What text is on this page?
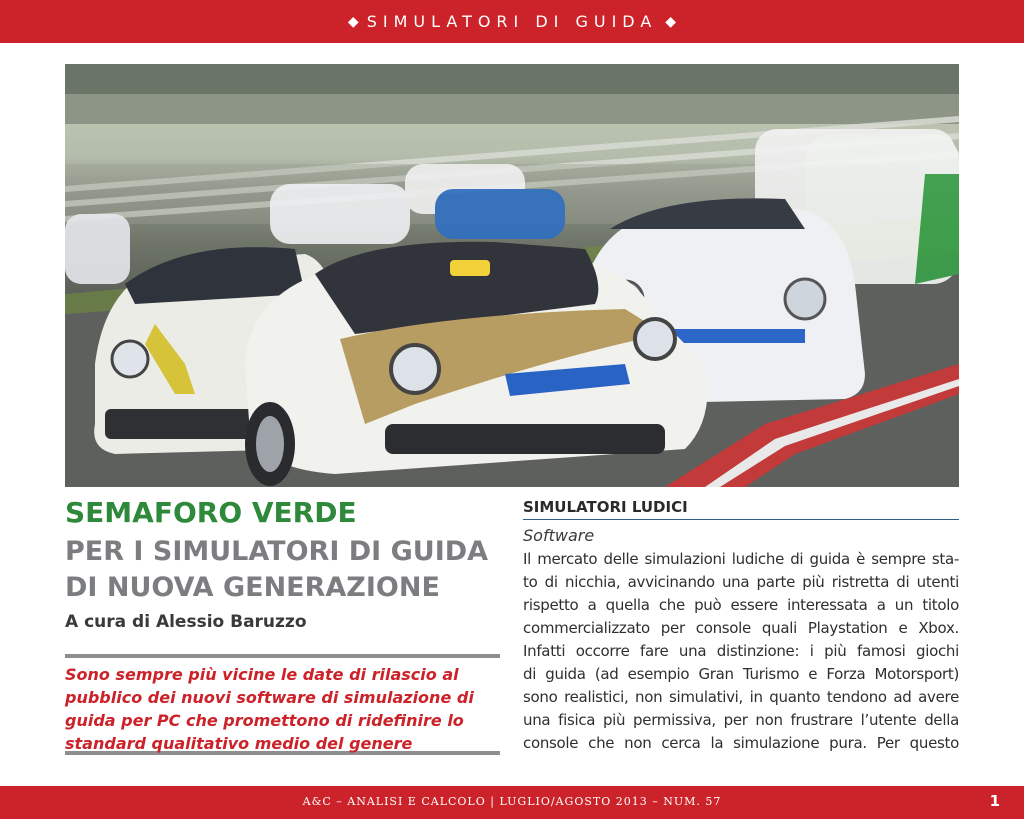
◆ SIMULATORI DI GUIDA ◆
SEMAFORO VERDE
PER I SIMULATORI DI GUIDA
DI NUOVA GENERAZIONE
A cura di Alessio Baruzzo
Sono sempre più vicine le date di rilascio al pubblico dei nuovi software di simulazione di guida per PC che promettono di ridefinire lo standard qualitativo medio del genere
SIMULATORI LUDICI
Software
Il mercato delle simulazioni ludiche di guida è sempre sta-
to di nicchia, avvicinando una parte più ristretta di utenti
rispetto a quella che può essere interessata a un titolo
commercializzato per console quali Playstation e Xbox.
Infatti occorre fare una distinzione: i più famosi giochi
di guida (ad esempio Gran Turismo e Forza Motorsport)
sono realistici, non simulativi, in quanto tendono ad avere
una fisica più permissiva, per non frustrare l’utente della
console che non cerca la simulazione pura. Per questo
A&C – ANALISI E CALCOLO | LUGLIO/AGOSTO 2013 – NUM. 57	1
